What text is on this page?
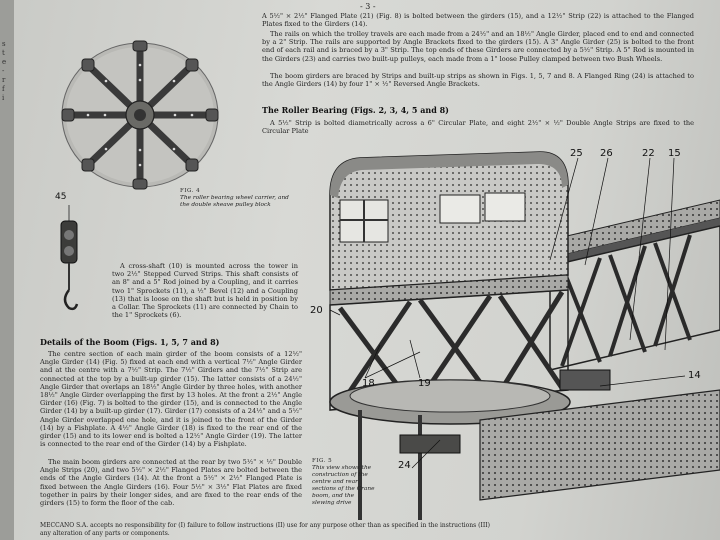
s
t
e
-
r
f
i
- 3 -
A 5½" × 2½" Flanged Plate (21) (Fig. 8) is bolted between the girders (15), and a 12½" Strip (22) is attached to the Flanged Plates fixed to the Girders (14).
The rails on which the trolley travels are each made from a 24½" and an 18½" Angle Girder, placed end to end and connected by a 2" Strip. The rails are supported by Angle Brackets fixed to the girders (15). A 3" Angle Girder (25) is bolted to the front end of each rail and is braced by a 3" Strip. The top ends of these Girders are connected by a 5½" Strip. A 5" Rod is mounted in the Girders (23) and carries two built-up pulleys, each made from a 1" loose Pulley clamped between two Bush Wheels.
The boom girders are braced by Strips and built-up strips as shown in Figs. 1, 5, 7 and 8. A Flanged Ring (24) is attached to the Angle Girders (14) by four 1" × ½" Reversed Angle Brackets.
The Roller Bearing (Figs. 2, 3, 4, 5 and 8)
A 5½" Strip is bolted diametrically across a 6" Circular Plate, and eight 2½" × ½" Double Angle Strips are fixed to the Circular Plate
FIG. 4
The roller bearing wheel carrier, and the double sheave pulley block
45
A cross-shaft (10) is mounted across the tower in two 2½" Stepped Curved Strips. This shaft consists of an 8" and a 5" Rod joined by a Coupling, and it carries two 1" Sprockets (11), a ½" Bevel (12) and a Coupling (13) that is loose on the shaft but is held in position by a Collar. The Sprockets (11) are connected by Chain to the 1" Sprockets (6).
Details of the Boom (Figs. 1, 5, 7 and 8)
The centre section of each main girder of the boom consists of a 12½" Angle Girder (14) (Fig. 5) fixed at each end with a vertical 7½" Angle Girder and at the centre with a 7½" Strip. The 7½" Girders and the 7½" Strip are connected at the top by a built-up girder (15). The latter consists of a 24½" Angle Girder that overlaps an 18½" Angle Girder by three holes, with another 18½" Angle Girder overlapping the first by 13 holes. At the front a 2½" Angle Girder (16) (Fig. 7) is bolted to the girder (15), and is connected to the Angle Girder (14) by a built-up girder (17). Girder (17) consists of a 24½" and a 5½" Angle Girder overlapped one hole, and it is joined to the front of the Girder (14) by a Fishplate. A 4½" Angle Girder (18) is fixed to the rear end of the girder (15) and to its lower end is bolted a 12½" Angle Girder (19). The latter is connected to the rear end of the Girder (14) by a Fishplate.
The main boom girders are connected at the rear by two 5½" × ½" Double Angle Strips (20), and two 5½" × 2½" Flanged Plates are bolted between the ends of the Angle Girders (14). At the front a 5½" × 2½" Flanged Plate is fixed between the Angle Girders (16). Four 5½" × 3½" Flat Plates are fixed together in pairs by their longer sides, and are fixed to the rear ends of the girders (15) to form the floor of the cab.
25 26	22 15
20
14
18	19
24
FIG. 5
This view shows the construction of the centre and rear sections of the Crane boom, and the slewing drive
MECCANO S.A. accepts no responsibility for (I) failure to follow instructions (II) use for any purpose other than as specified in the instructions (III) any alteration of any parts or components.
